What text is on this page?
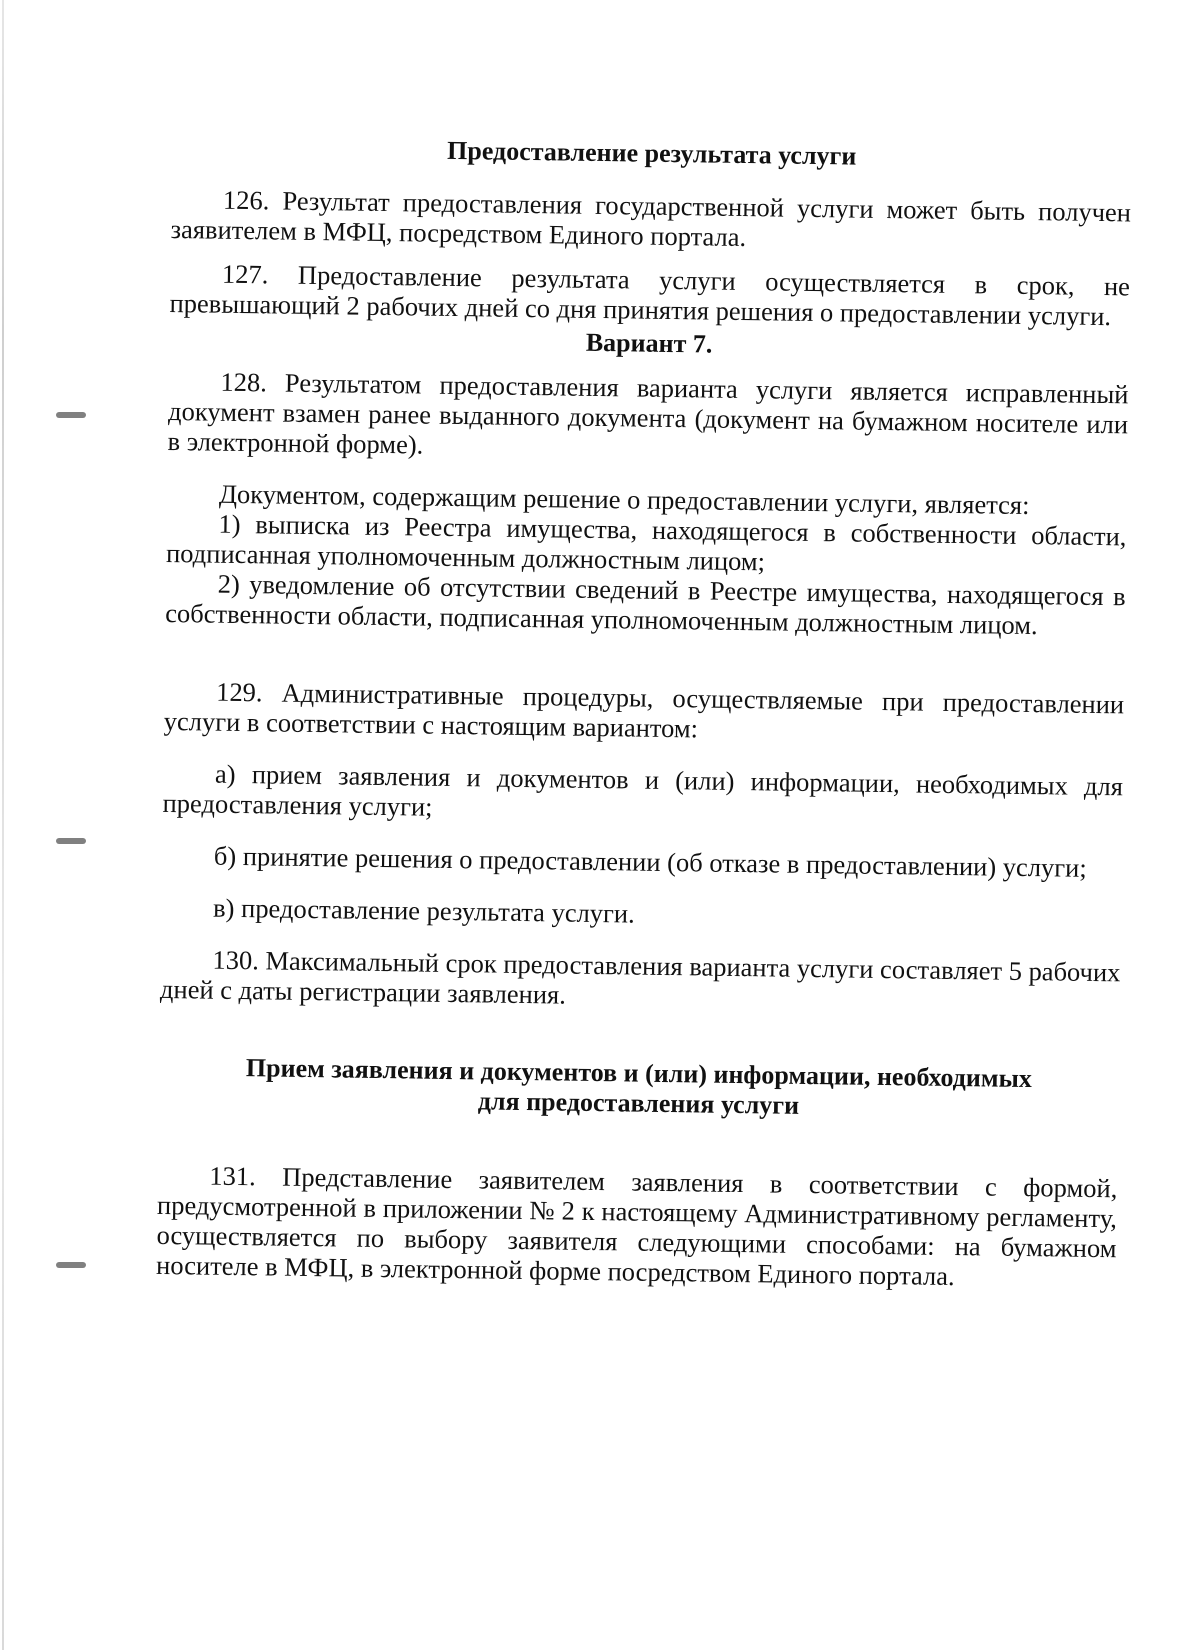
Предоставление результата услуги

126. Результат предоставления государственной услуги может быть получен заявителем в МФЦ, посредством Единого портала.

127. Предоставление результата услуги осуществляется в срок, не превышающий 2 рабочих дней со дня принятия решения о предоставлении услуги.

Вариант 7.

128. Результатом предоставления варианта услуги является исправленный документ взамен ранее выданного документа (документ на бумажном носителе или в электронной форме).

Документом, содержащим решение о предоставлении услуги, является:

1) выписка из Реестра имущества, находящегося в собственности области, подписанная уполномоченным должностным лицом;

2) уведомление об отсутствии сведений в Реестре имущества, находящегося в собственности области, подписанная уполномоченным должностным лицом.

129. Административные процедуры, осуществляемые при предоставлении услуги в соответствии с настоящим вариантом:

а) прием заявления и документов и (или) информации, необходимых для предоставления услуги;

б) принятие решения о предоставлении (об отказе в предоставлении) услуги;

в) предоставление результата услуги.

130. Максимальный срок предоставления варианта услуги составляет 5 рабочих дней с даты регистрации заявления.

Прием заявления и документов и (или) информации, необходимых

для предоставления услуги

131. Представление заявителем заявления в соответствии с формой, предусмотренной в приложении № 2 к настоящему Административному регламенту, осуществляется по выбору заявителя следующими способами: на бумажном носителе в МФЦ, в электронной форме посредством Единого портала.
